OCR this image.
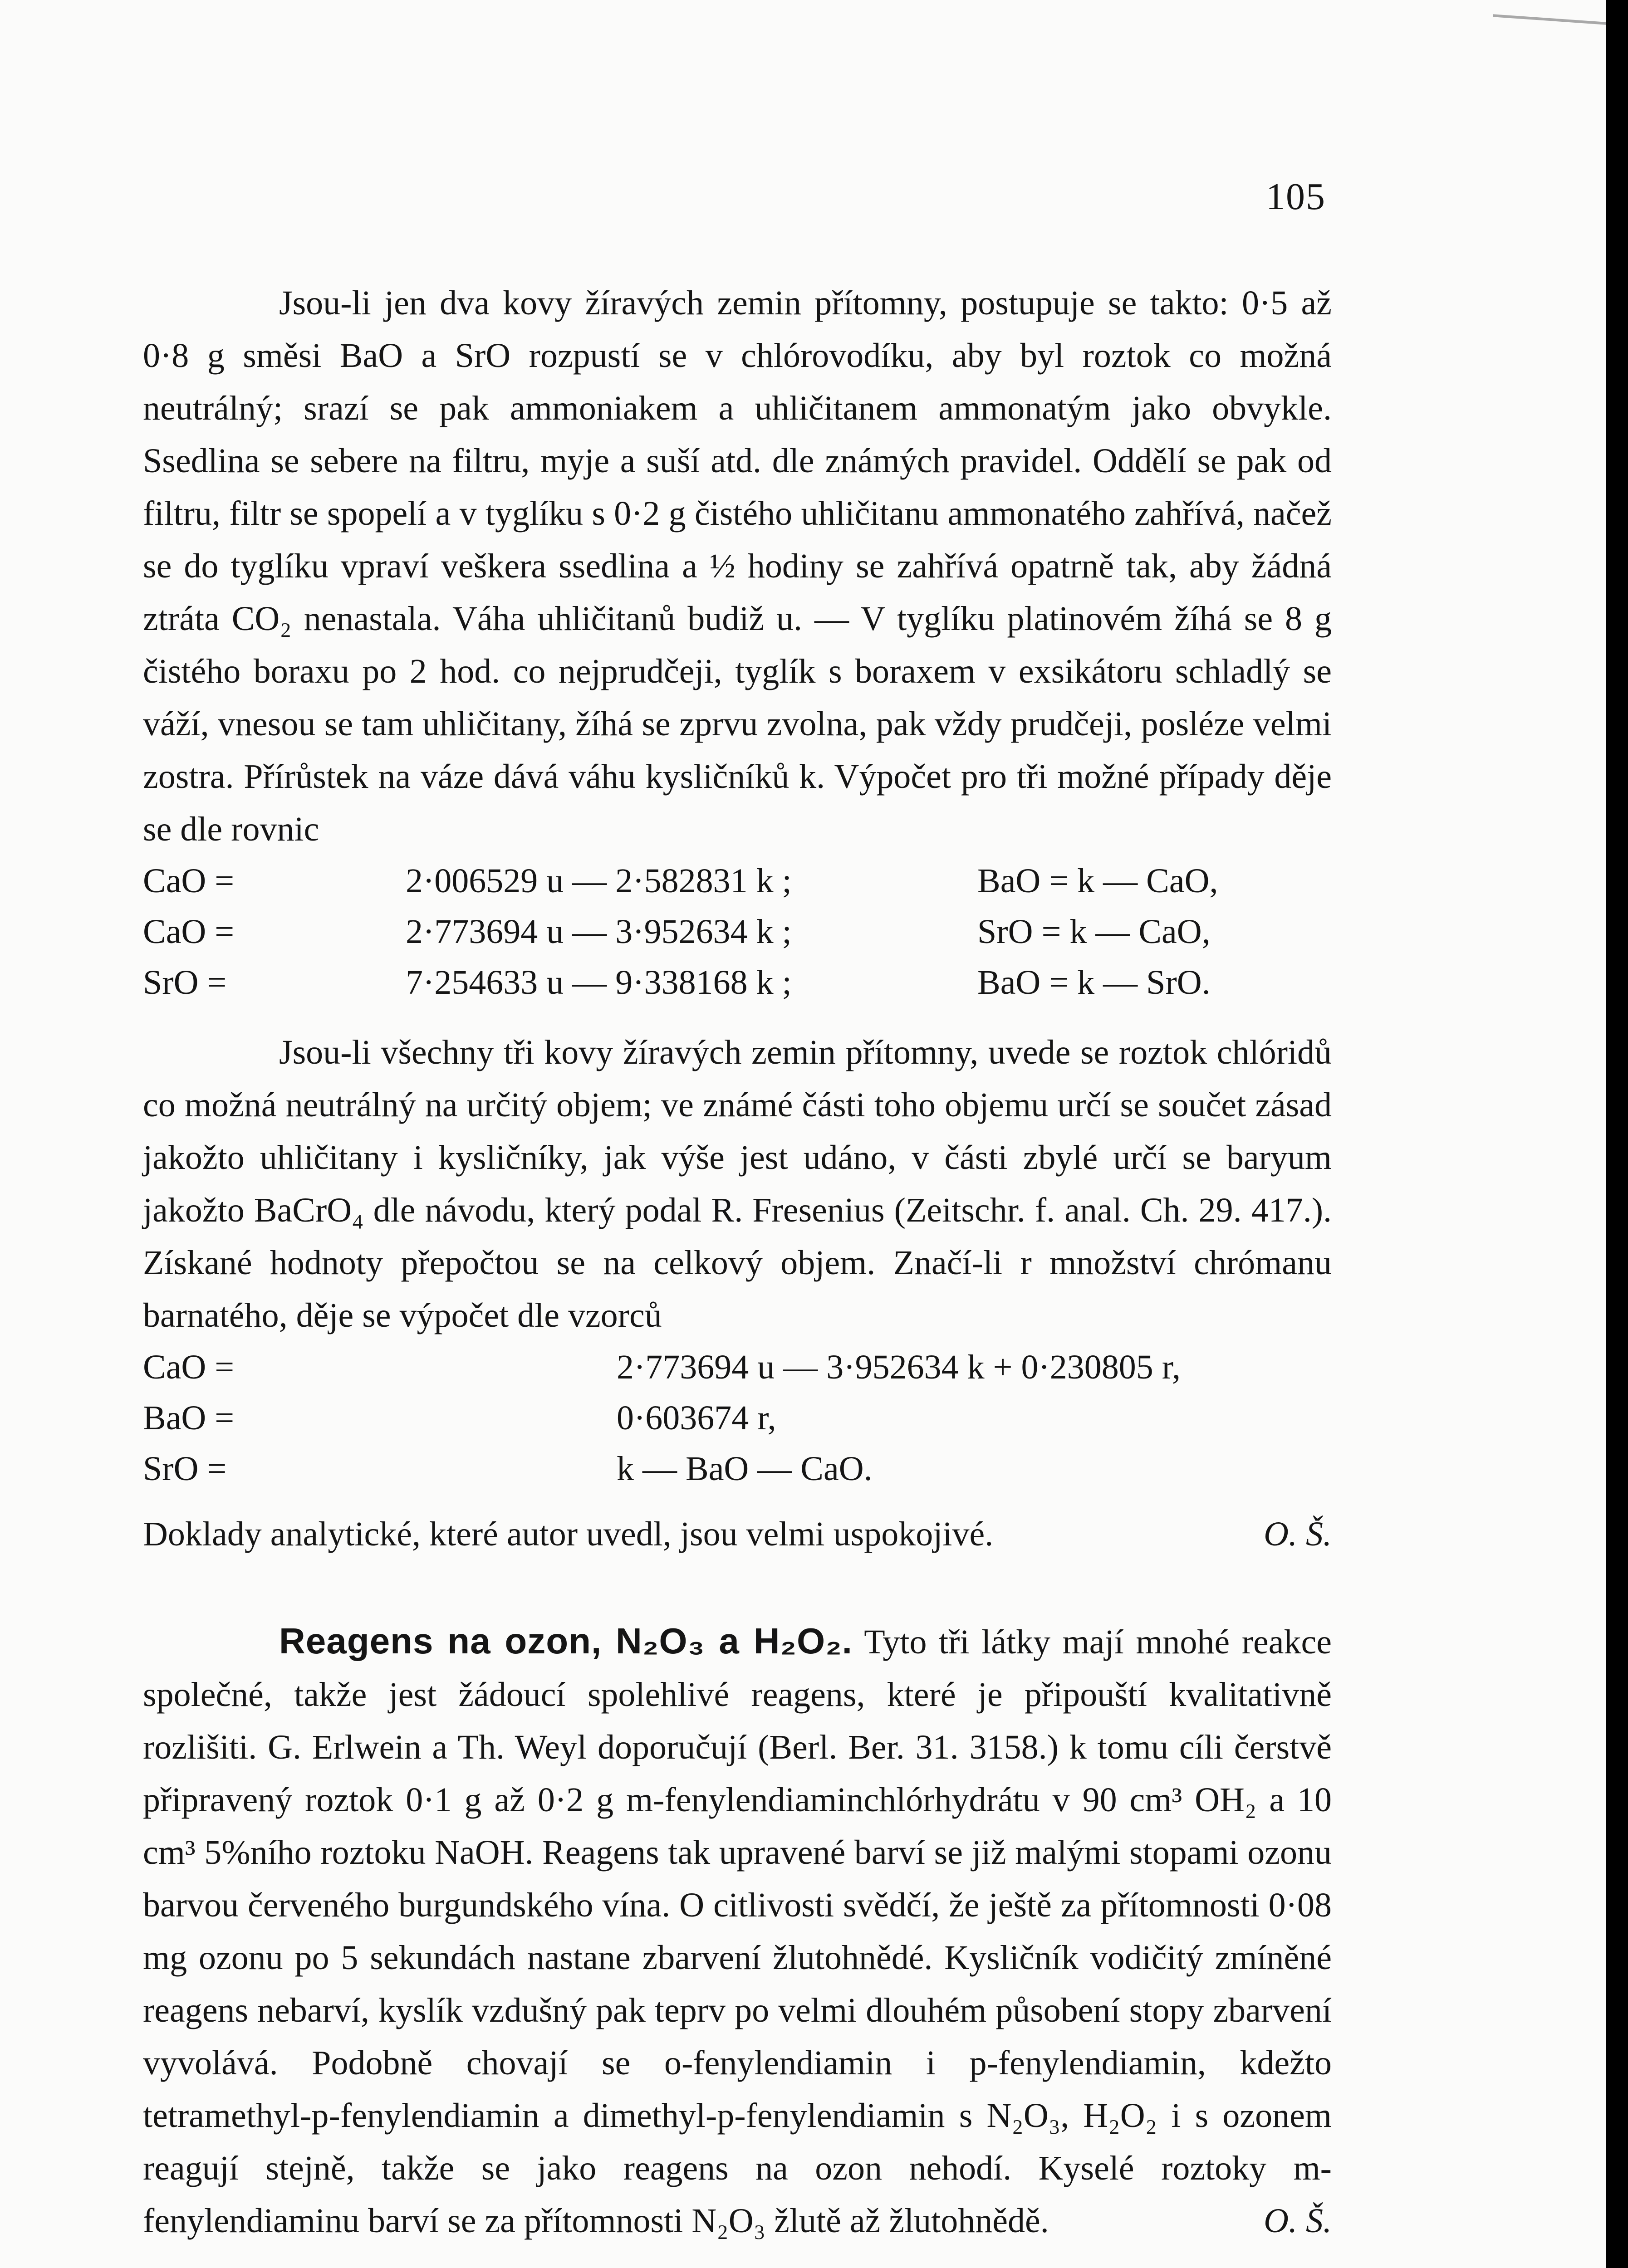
105

Jsou-li jen dva kovy žíravých zemin přítomny, postupuje se takto: 0·5 až 0·8 g směsi BaO a SrO rozpustí se v chlórovodíku, aby byl roztok co možná neutrálný; srazí se pak ammoniakem a uhličitanem ammonatým jako obvykle. Ssedlina se sebere na filtru, myje a suší atd. dle známých pravidel. Oddělí se pak od filtru, filtr se spopelí a v tyglíku s 0·2 g čistého uhličitanu ammonatého zahřívá, načež se do tyglíku vpraví veškera ssedlina a ½ hodiny se zahřívá opatrně tak, aby žádná ztráta CO₂ nenastala. Váha uhličitanů budiž u. — V tyglíku platinovém žíhá se 8 g čistého boraxu po 2 hod. co nejprudčeji, tyglík s boraxem v exsikátoru schladlý se váží, vnesou se tam uhličitany, žíhá se zprvu zvolna, pak vždy prudčeji, posléze velmi zostra. Přírůstek na váze dává váhu kysličníků k. Výpočet pro tři možné případy děje se dle rovnic

CaO =	2·006529 u — 2·582831 k ;	BaO = k — CaO,
CaO =	2·773694 u — 3·952634 k ;	SrO = k — CaO,
SrO =	7·254633 u — 9·338168 k ;	BaO = k — SrO.

Jsou-li všechny tři kovy žíravých zemin přítomny, uvede se roztok chlóridů co možná neutrálný na určitý objem; ve známé části toho objemu určí se součet zásad jakožto uhličitany i kysličníky, jak výše jest udáno, v části zbylé určí se baryum jakožto BaCrO₄ dle návodu, který podal R. Fresenius (Zeitschr. f. anal. Ch. 29. 417.). Získané hodnoty přepočtou se na celkový objem. Značí-li r množství chrómanu barnatého, děje se výpočet dle vzorců

CaO =	2·773694 u — 3·952634 k + 0·230805 r,
BaO =	0·603674 r,
SrO =	k — BaO — CaO.

Doklady analytické, které autor uvedl, jsou velmi uspokojivé.	O. Š.

Reagens na ozon, N₂O₃ a H₂O₂. Tyto tři látky mají mnohé reakce společné, takže jest žádoucí spolehlivé reagens, které je připouští kvalitativně rozlišiti. G. Erlwein a Th. Weyl doporučují (Berl. Ber. 31. 3158.) k tomu cíli čerstvě připravený roztok 0·1 g až 0·2 g m-fenylendiaminchlórhydrátu v 90 cm³ OH₂ a 10 cm³ 5%ního roztoku NaOH. Reagens tak upravené barví se již malými stopami ozonu barvou červeného burgundského vína. O citlivosti svědčí, že ještě za přítomnosti 0·08 mg ozonu po 5 sekundách nastane zbarvení žlutohnědé. Kysličník vodičitý zmíněné reagens nebarví, kyslík vzdušný pak teprv po velmi dlouhém působení stopy zbarvení vyvolává. Podobně chovají se o-fenylendiamin i p-fenylendiamin, kdežto tetramethyl-p-fenylendiamin a dimethyl-p-fenylendiamin s N₂O₃, H₂O₂ i s ozonem reagují stejně, takže se jako reagens na ozon nehodí. Kyselé roztoky m-fenylendiaminu barví se za přítomnosti N₂O₃ žlutě až žlutohnědě.	O. Š.
